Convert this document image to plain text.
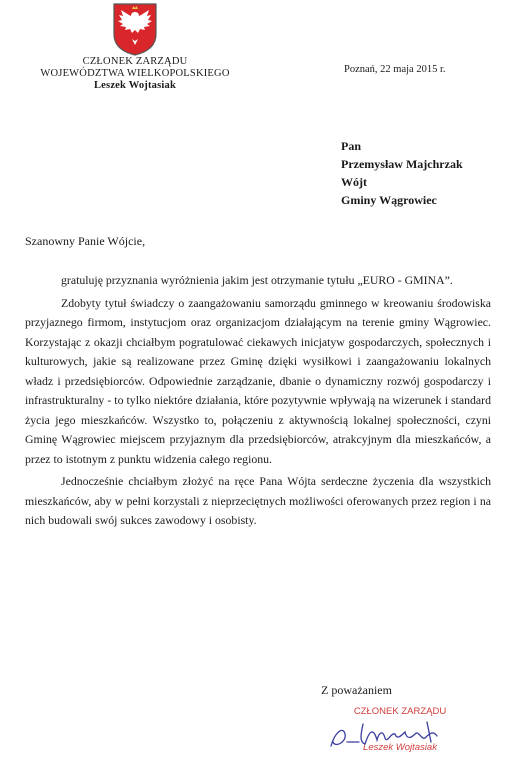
CZŁONEK ZARZĄDU
WOJEWÓDZTWA WIELKOPOLSKIEGO
Leszek Wojtasiak
Poznań, 22 maja 2015 r.
Pan
Przemysław Majchrzak
Wójt
Gminy Wągrowiec
Szanowny Panie Wójcie,

gratuluję przyznania wyróżnienia jakim jest otrzymanie tytułu „EURO - GMINA”.

Zdobyty tytuł świadczy o zaangażowaniu samorządu gminnego w kreowaniu środowiska przyjaznego firmom, instytucjom oraz organizacjom działającym na terenie gminy Wągrowiec. Korzystając z okazji chciałbym pogratulować ciekawych inicjatyw gospodarczych, społecznych i kulturowych, jakie są realizowane przez Gminę dzięki wysiłkowi i zaangażowaniu lokalnych władz i przedsiębiorców. Odpowiednie zarządzanie, dbanie o dynamiczny rozwój gospodarczy i infrastrukturalny - to tylko niektóre działania, które pozytywnie wpływają na wizerunek i standard życia jego mieszkańców. Wszystko to, połączeniu z aktywnością lokalnej społeczności, czyni Gminę Wągrowiec miejscem przyjaznym dla przedsiębiorców, atrakcyjnym dla mieszkańców, a przez to istotnym z punktu widzenia całego regionu.

Jednocześnie chciałbym złożyć na ręce Pana Wójta serdeczne życzenia dla wszystkich mieszkańców, aby w pełni korzystali z nieprzeciętnych możliwości oferowanych przez region i na nich budowali swój sukces zawodowy i osobisty.

Z poważaniem
CZŁONEK ZARZĄDU
Leszek Wojtasiak
